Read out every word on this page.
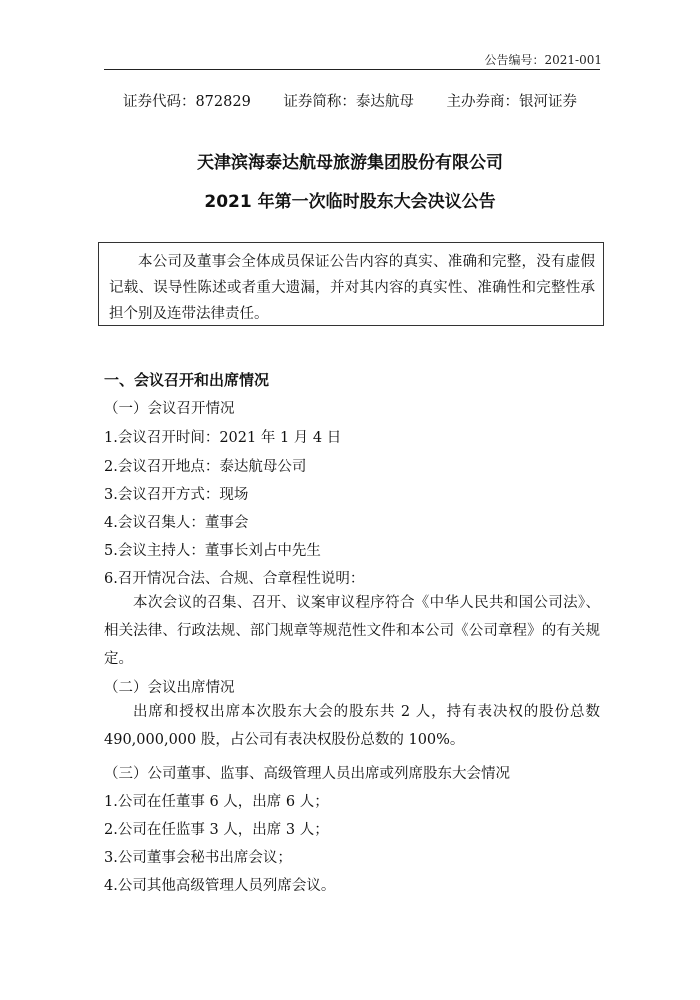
公告编号：2021-001
证券代码：872829 证券简称：泰达航母 主办券商：银河证券
天津滨海泰达航母旅游集团股份有限公司
2021 年第一次临时股东大会决议公告

本公司及董事会全体成员保证公告内容的真实、准确和完整，没有虚假记载、误导性陈述或者重大遗漏，并对其内容的真实性、准确性和完整性承担个别及连带法律责任。

一、会议召开和出席情况
（一）会议召开情况
1.会议召开时间：2021 年 1 月 4 日
2.会议召开地点：泰达航母公司
3.会议召开方式：现场
4.会议召集人：董事会
5.会议主持人：董事长刘占中先生
6.召开情况合法、合规、合章程性说明：

本次会议的召集、召开、议案审议程序符合《中华人民共和国公司法》、相关法律、行政法规、部门规章等规范性文件和本公司《公司章程》的有关规定。

（二）会议出席情况

出席和授权出席本次股东大会的股东共 2 人，持有表决权的股份总数 490,000,000 股，占公司有表决权股份总数的 100%。

（三）公司董事、监事、高级管理人员出席或列席股东大会情况
1.公司在任董事 6 人，出席 6 人；
2.公司在任监事 3 人，出席 3 人；
3.公司董事会秘书出席会议；
4.公司其他高级管理人员列席会议。
